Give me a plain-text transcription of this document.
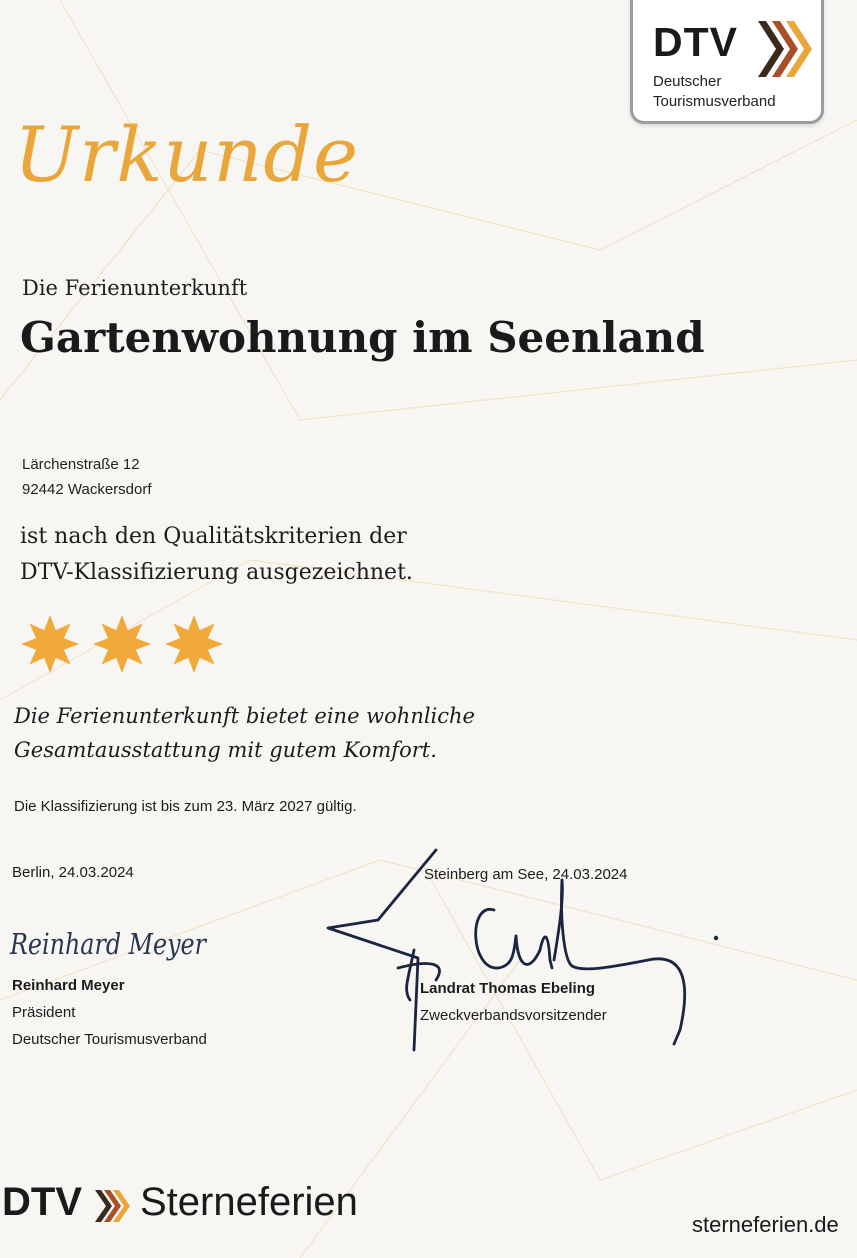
DTV
Deutscher
Tourismusverband
Urkunde
Die Ferienunterkunft
Gartenwohnung im Seenland
Lärchenstraße 12
92442 Wackersdorf
ist nach den Qualitätskriterien der
DTV-Klassifizierung ausgezeichnet.
Die Ferienunterkunft bietet eine wohnliche
Gesamtausstattung mit gutem Komfort.
Die Klassifizierung ist bis zum 23. März 2027 gültig.
Berlin, 24.03.2024
Reinhard Meyer
Reinhard Meyer
Präsident
Deutscher Tourismusverband
Steinberg am See, 24.03.2024
Landrat Thomas Ebeling
Zweckverbandsvorsitzender
DTV Sterneferien
sterneferien.de
